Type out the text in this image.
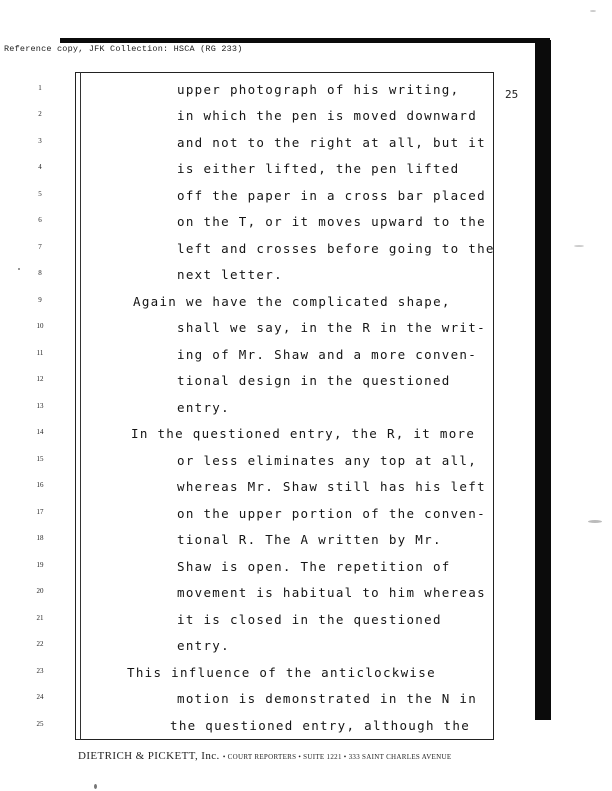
Reference copy, JFK Collection: HSCA (RG 233)
25
1	upper photograph of his writing,
2	in which the pen is moved downward
3	and not to the right at all, but it
4	is either lifted, the pen lifted
5	off the paper in a cross bar placed
6	on the T, or it moves upward to the
7	left and crosses before going to the
8	next letter.
9	Again we have the complicated shape,
10	shall we say, in the R in the writ-
11	ing of Mr. Shaw and a more conven-
12	tional design in the questioned
13	entry.
14	In the questioned entry, the R, it more
15	or less eliminates any top at all,
16	whereas Mr. Shaw still has his left
17	on the upper portion of the conven-
18	tional R. The A written by Mr.
19	Shaw is open. The repetition of
20	movement is habitual to him whereas
21	it is closed in the questioned
22	entry.
23	This influence of the anticlockwise
24	motion is demonstrated in the N in
25	the questioned entry, although the
DIETRICH & PICKETT, Inc. • COURT REPORTERS • SUITE 1221 • 333 SAINT CHARLES AVENUE
